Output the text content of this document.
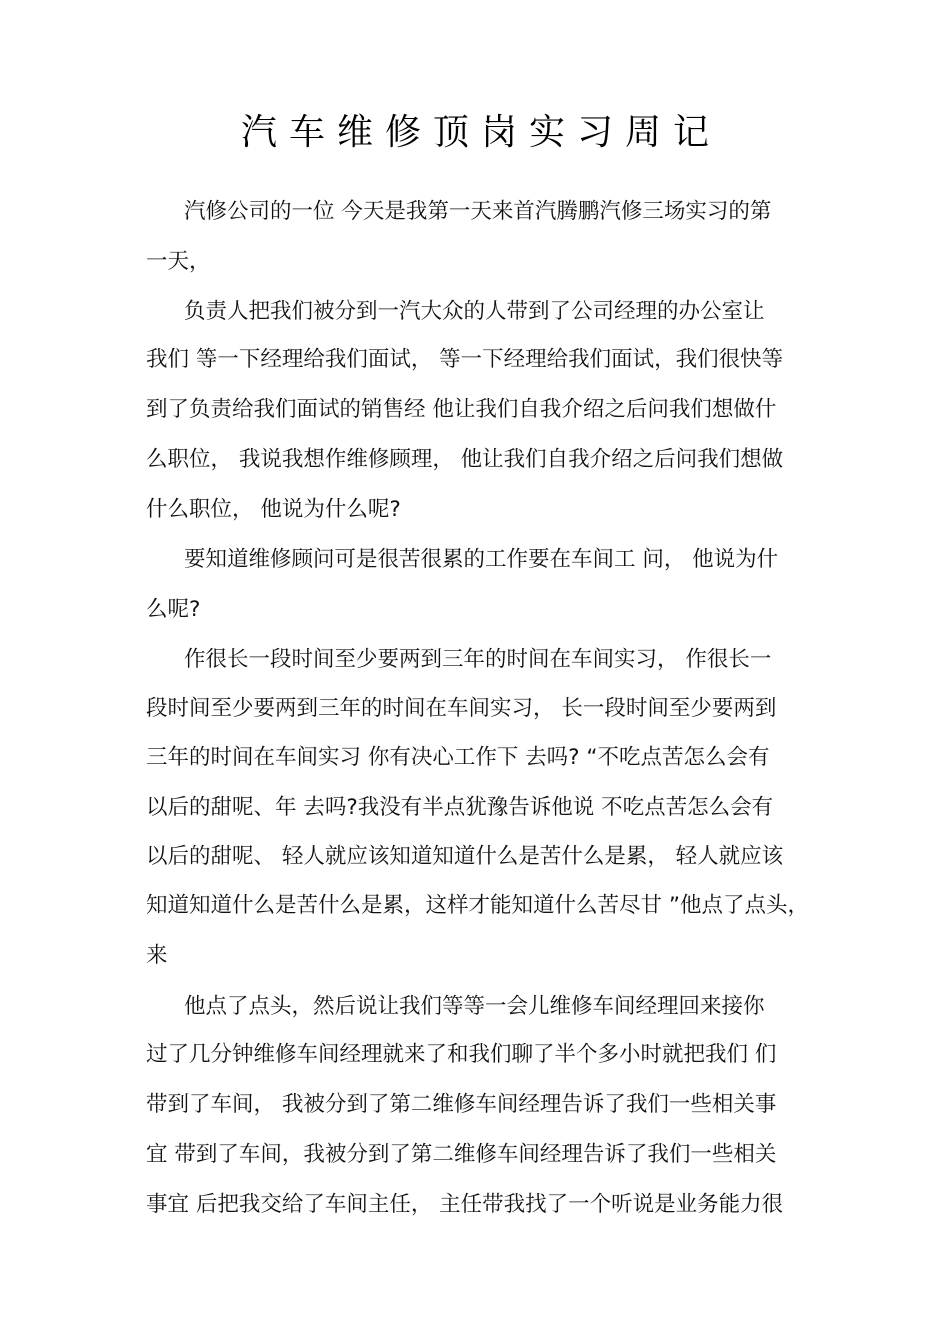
汽车维修顶岗实习周记
汽修公司的一位 今天是我第一天来首汽腾鹏汽修三场实习的第
一天，
负责人把我们被分到一汽大众的人带到了公司经理的办公室让
我们 等一下经理给我们面试， 等一下经理给我们面试，我们很快等
到了负责给我们面试的销售经 他让我们自我介绍之后问我们想做什
么职位， 我说我想作维修顾理， 他让我们自我介绍之后问我们想做
什么职位， 他说为什么呢?
要知道维修顾问可是很苦很累的工作要在车间工 问， 他说为什
么呢?
作很长一段时间至少要两到三年的时间在车间实习， 作很长一
段时间至少要两到三年的时间在车间实习， 长一段时间至少要两到
三年的时间在车间实习 你有决心工作下 去吗? “不吃点苦怎么会有
以后的甜呢、年 去吗?我没有半点犹豫告诉他说 不吃点苦怎么会有
以后的甜呢、 轻人就应该知道知道什么是苦什么是累， 轻人就应该
知道知道什么是苦什么是累，这样才能知道什么苦尽甘 ”他点了点头，
来
他点了点头，然后说让我们等等一会儿维修车间经理回来接你
过了几分钟维修车间经理就来了和我们聊了半个多小时就把我们 们
带到了车间， 我被分到了第二维修车间经理告诉了我们一些相关事
宜 带到了车间，我被分到了第二维修车间经理告诉了我们一些相关
事宜 后把我交给了车间主任， 主任带我找了一个听说是业务能力很
